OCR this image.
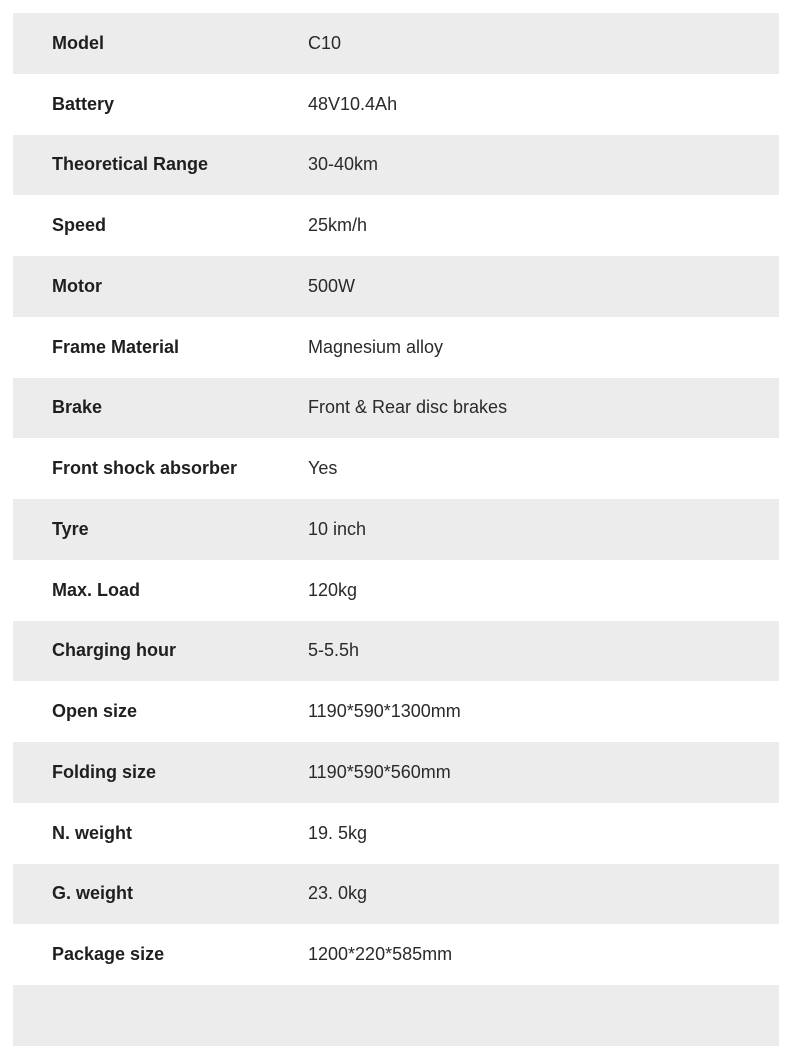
Model	C10
Battery	48V10.4Ah
Theoretical Range	30-40km
Speed	25km/h
Motor	500W
Frame Material	Magnesium alloy
Brake	Front & Rear disc brakes
Front shock absorber	Yes
Tyre	10 inch
Max. Load	120kg
Charging hour	5-5.5h
Open size	1190*590*1300mm
Folding size	1190*590*560mm
N. weight	19. 5kg
G. weight	23. 0kg
Package size	1200*220*585mm
